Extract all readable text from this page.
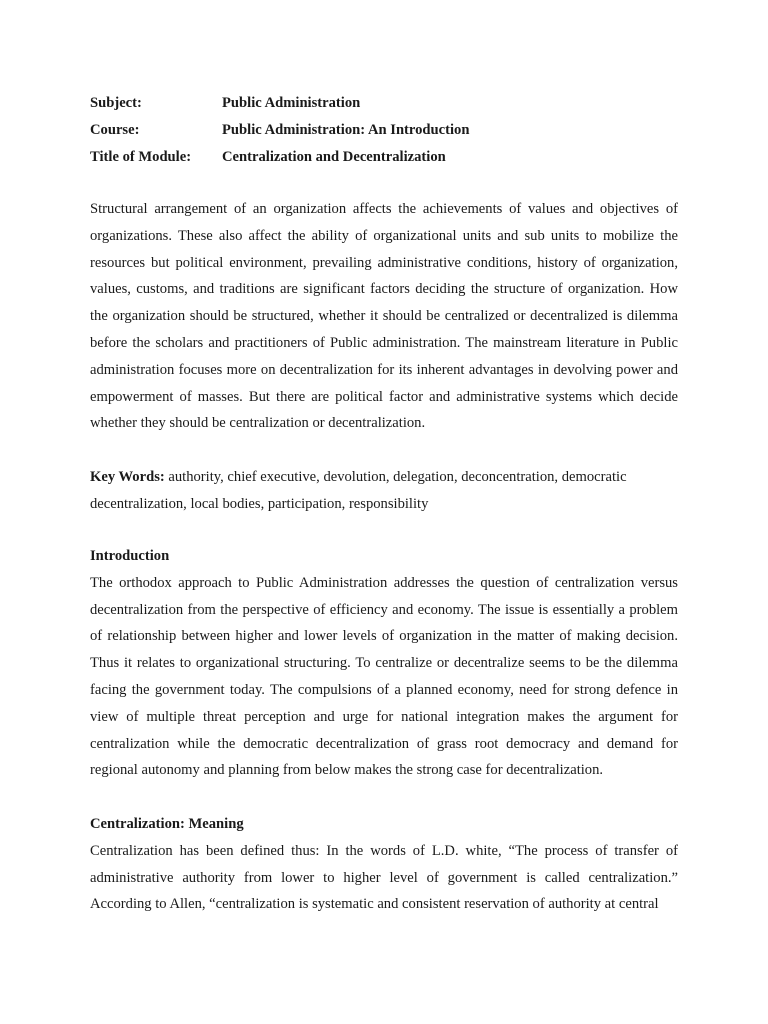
Subject:	Public Administration
Course:	Public Administration: An Introduction
Title of Module: Centralization and Decentralization

Structural arrangement of an organization affects the achievements of values and objectives of organizations. These also affect the ability of organizational units and sub units to mobilize the resources but political environment, prevailing administrative conditions, history of organization, values, customs, and traditions are significant factors deciding the structure of organization. How the organization should be structured, whether it should be centralized or decentralized is dilemma before the scholars and practitioners of Public administration. The mainstream literature in Public administration focuses more on decentralization for its inherent advantages in devolving power and empowerment of masses. But there are political factor and administrative systems which decide whether they should be centralization or decentralization.

Key Words: authority, chief executive, devolution, delegation, deconcentration, democratic decentralization, local bodies, participation, responsibility

Introduction

The orthodox approach to Public Administration addresses the question of centralization versus decentralization from the perspective of efficiency and economy. The issue is essentially a problem of relationship between higher and lower levels of organization in the matter of making decision. Thus it relates to organizational structuring. To centralize or decentralize seems to be the dilemma facing the government today. The compulsions of a planned economy, need for strong defence in view of multiple threat perception and urge for national integration makes the argument for centralization while the democratic decentralization of grass root democracy and demand for regional autonomy and planning from below makes the strong case for decentralization.

Centralization: Meaning

Centralization has been defined thus: In the words of L.D. white, “The process of transfer of administrative authority from lower to higher level of government is called centralization.” According to Allen, “centralization is systematic and consistent reservation of authority at central
